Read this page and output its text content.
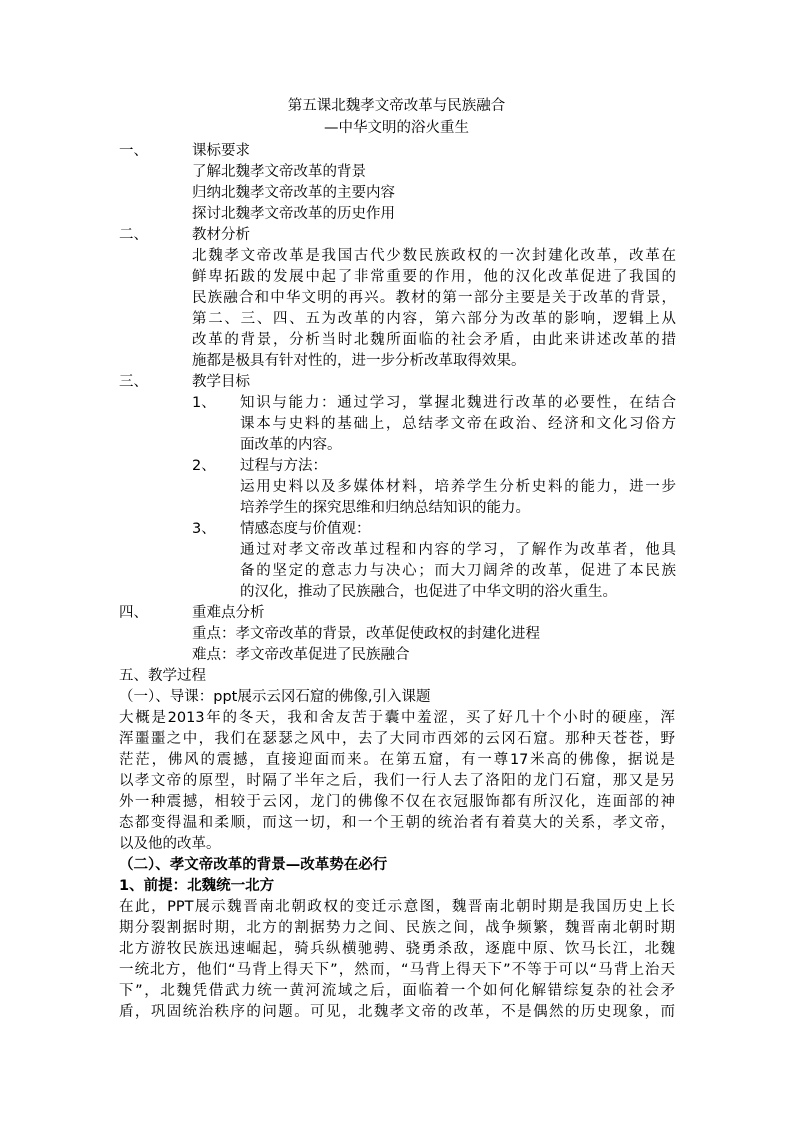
第五课北魏孝文帝改革与民族融合
—中华文明的浴火重生
一、	课标要求
了解北魏孝文帝改革的背景
归纳北魏孝文帝改革的主要内容
探讨北魏孝文帝改革的历史作用
二、	教材分析
北魏孝文帝改革是我国古代少数民族政权的一次封建化改革，改革在
鲜卑拓跋的发展中起了非常重要的作用，他的汉化改革促进了我国的
民族融合和中华文明的再兴。教材的第一部分主要是关于改革的背景，
第二、三、四、五为改革的内容，第六部分为改革的影响，逻辑上从
改革的背景，分析当时北魏所面临的社会矛盾，由此来讲述改革的措
施都是极具有针对性的，进一步分析改革取得效果。
三、	教学目标
1、 知识与能力：通过学习，掌握北魏进行改革的必要性，在结合
课本与史料的基础上，总结孝文帝在政治、经济和文化习俗方
面改革的内容。
2、 过程与方法：
运用史料以及多媒体材料，培养学生分析史料的能力，进一步
培养学生的探究思维和归纳总结知识的能力。
3、 情感态度与价值观：
通过对孝文帝改革过程和内容的学习，了解作为改革者，他具
备的坚定的意志力与决心；而大刀阔斧的改革，促进了本民族
的汉化，推动了民族融合，也促进了中华文明的浴火重生。
四、	重难点分析
重点：孝文帝改革的背景，改革促使政权的封建化进程
难点：孝文帝改革促进了民族融合
五、教学过程
（一）、导课：ppt展示云冈石窟的佛像,引入课题
大概是2013年的冬天，我和舍友苦于囊中羞涩，买了好几十个小时的硬座，浑
浑噩噩之中，我们在瑟瑟之风中，去了大同市西郊的云冈石窟。那种天苍苍，野
茫茫，佛风的震撼，直接迎面而来。在第五窟，有一尊17米高的佛像，据说是
以孝文帝的原型，时隔了半年之后，我们一行人去了洛阳的龙门石窟，那又是另
外一种震撼，相较于云冈，龙门的佛像不仅在衣冠服饰都有所汉化，连面部的神
态都变得温和柔顺，而这一切，和一个王朝的统治者有着莫大的关系，孝文帝，
以及他的改革。
（二）、孝文帝改革的背景—改革势在必行
1、前提：北魏统一北方
在此，PPT展示魏晋南北朝政权的变迁示意图，魏晋南北朝时期是我国历史上长
期分裂割据时期，北方的割据势力之间、民族之间，战争频繁，魏晋南北朝时期
北方游牧民族迅速崛起，骑兵纵横驰骋、骁勇杀敌，逐鹿中原、饮马长江，北魏
一统北方，他们“马背上得天下”，然而，“马背上得天下”不等于可以“马背上治天
下”，北魏凭借武力统一黄河流域之后，面临着一个如何化解错综复杂的社会矛
盾，巩固统治秩序的问题。可见，北魏孝文帝的改革，不是偶然的历史现象，而
